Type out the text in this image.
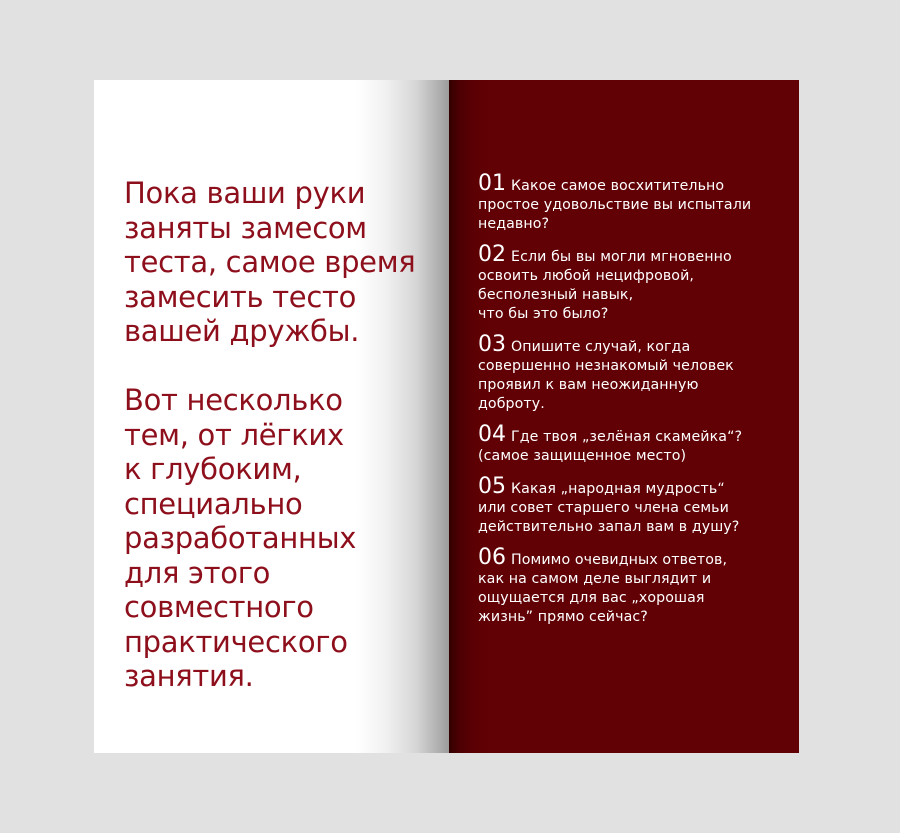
Пока ваши руки
заняты замесом
теста, самое время
замесить тесто
вашей дружбы.

Вот несколько
тем, от лёгких
к глубоким,
специально
разработанных
для этого
совместного
практического
занятия.

01 Какое самое восхитительно
простое удовольствие вы испытали
недавно?
02 Если бы вы могли мгновенно
освоить любой нецифровой,
бесполезный навык,
что бы это было?
03 Опишите случай, когда
совершенно незнакомый человек
проявил к вам неожиданную
доброту.
04 Где твоя „зелёная скамейка“?
(самое защищенное место)
05 Какая „народная мудрость“
или совет старшего члена семьи
действительно запал вам в душу?
06 Помимо очевидных ответов,
как на самом деле выглядит и
ощущается для вас „хорошая
жизнь” прямо сейчас?
